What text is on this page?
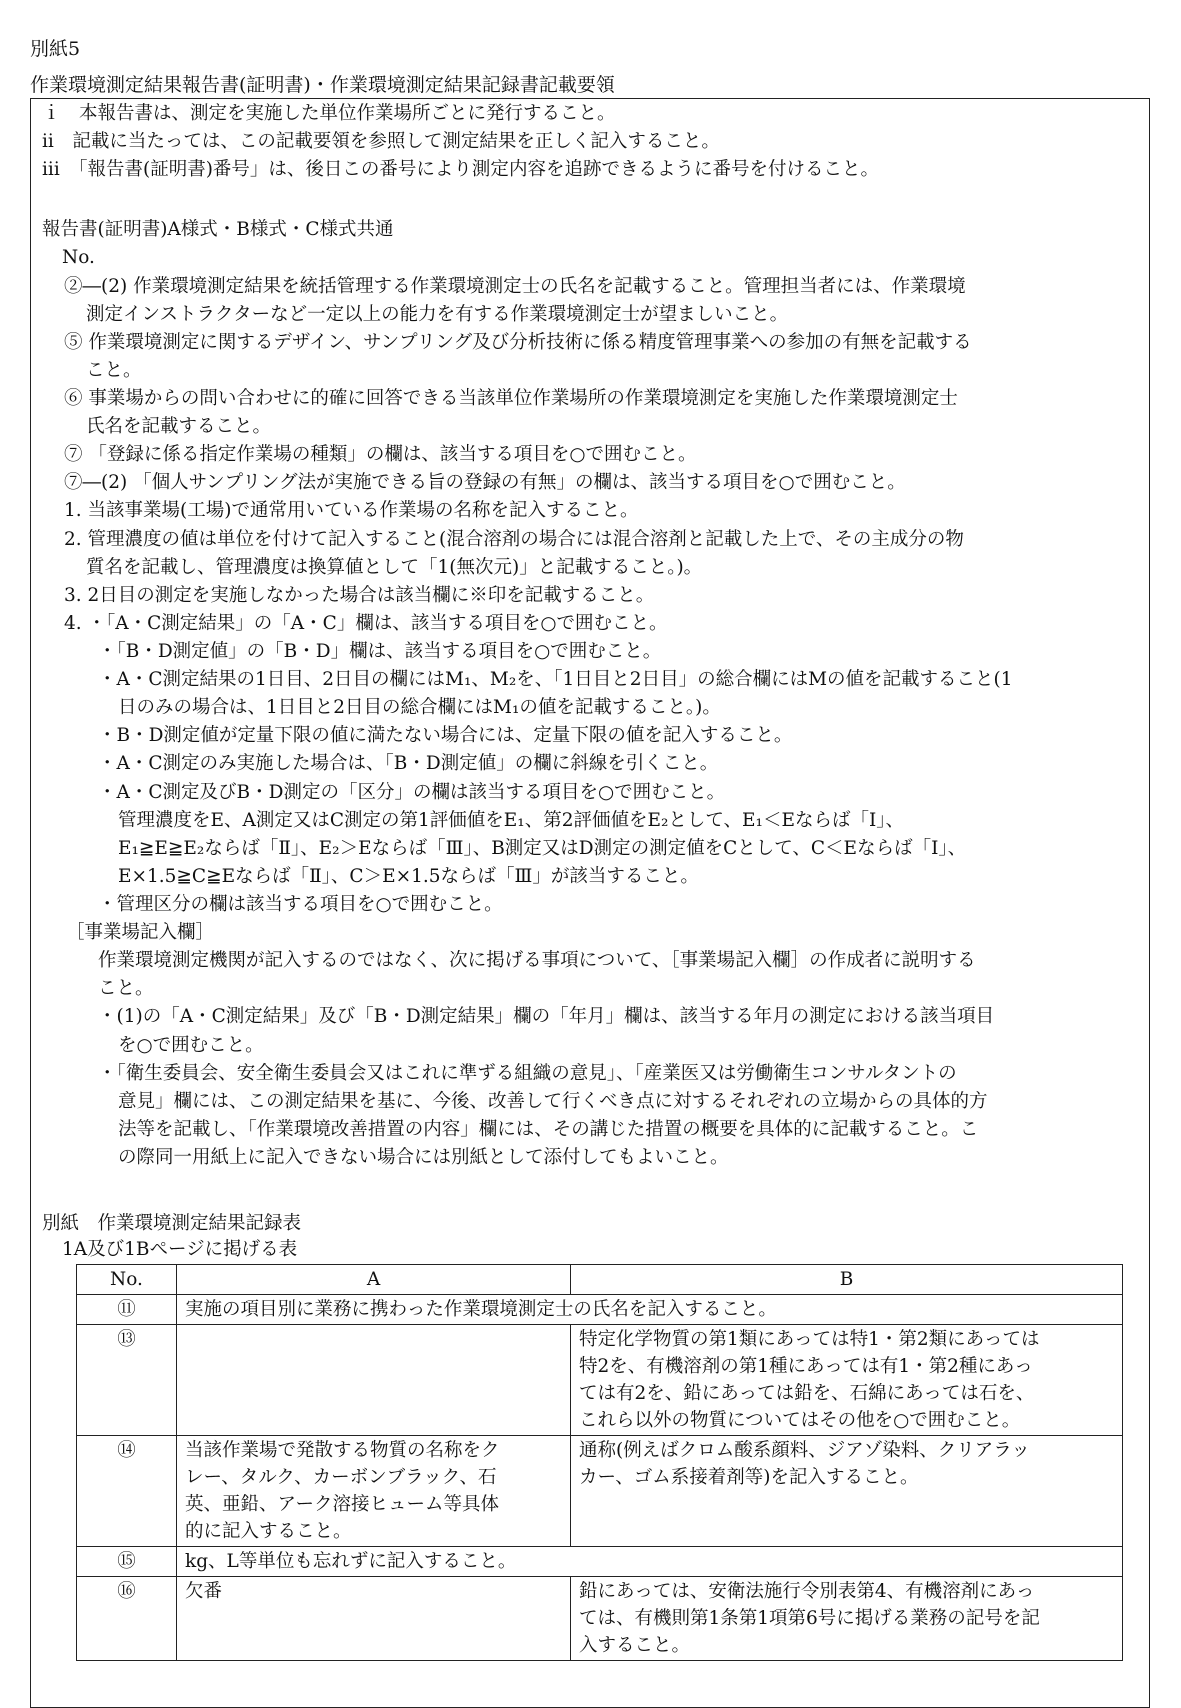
別紙5
作業環境測定結果報告書(証明書)・作業環境測定結果記録書記載要領
ｉ　本報告書は、測定を実施した単位作業場所ごとに発行すること。
ii　記載に当たっては、この記載要領を参照して測定結果を正しく記入すること。
iii　「報告書(証明書)番号」は、後日この番号により測定内容を追跡できるように番号を付けること。
報告書(証明書)A様式・B様式・C様式共通
No.
②―(2) 作業環境測定結果を統括管理する作業環境測定士の氏名を記載すること。管理担当者には、作業環境
測定インストラクターなど一定以上の能力を有する作業環境測定士が望ましいこと。
⑤ 作業環境測定に関するデザイン、サンプリング及び分析技術に係る精度管理事業への参加の有無を記載する
こと。
⑥ 事業場からの問い合わせに的確に回答できる当該単位作業場所の作業環境測定を実施した作業環境測定士
氏名を記載すること。
⑦ 「登録に係る指定作業場の種類」の欄は、該当する項目を○で囲むこと。
⑦―(2) 「個人サンプリング法が実施できる旨の登録の有無」の欄は、該当する項目を○で囲むこと。
1. 当該事業場(工場)で通常用いている作業場の名称を記入すること。
2. 管理濃度の値は単位を付けて記入すること(混合溶剤の場合には混合溶剤と記載した上で、その主成分の物
質名を記載し、管理濃度は換算値として「1(無次元)」と記載すること。)。
3. 2日目の測定を実施しなかった場合は該当欄に※印を記載すること。
4. ・「A・C測定結果」の「A・C」欄は、該当する項目を○で囲むこと。
・「B・D測定値」の「B・D」欄は、該当する項目を○で囲むこと。
・A・C測定結果の1日目、2日目の欄にはM₁、M₂を、「1日目と2日目」の総合欄にはMの値を記載すること(1
日のみの場合は、1日目と2日目の総合欄にはM₁の値を記載すること。)。
・B・D測定値が定量下限の値に満たない場合には、定量下限の値を記入すること。
・A・C測定のみ実施した場合は、「B・D測定値」の欄に斜線を引くこと。
・A・C測定及びB・D測定の「区分」の欄は該当する項目を○で囲むこと。
管理濃度をE、A測定又はC測定の第1評価値をE₁、第2評価値をE₂として、E₁＜Eならば「Ⅰ」、
E₁≧E≧E₂ならば「Ⅱ」、E₂＞Eならば「Ⅲ」、B測定又はD測定の測定値をCとして、C＜Eならば「Ⅰ」、
E×1.5≧C≧Eならば「Ⅱ」、C＞E×1.5ならば「Ⅲ」が該当すること。
・管理区分の欄は該当する項目を○で囲むこと。
［事業場記入欄］
作業環境測定機関が記入するのではなく、次に掲げる事項について、［事業場記入欄］の作成者に説明する
こと。
・(1)の「A・C測定結果」及び「B・D測定結果」欄の「年月」欄は、該当する年月の測定における該当項目
を○で囲むこと。
・「衛生委員会、安全衛生委員会又はこれに準ずる組織の意見」、「産業医又は労働衛生コンサルタントの
意見」欄には、この測定結果を基に、今後、改善して行くべき点に対するそれぞれの立場からの具体的方
法等を記載し、「作業環境改善措置の内容」欄には、その講じた措置の概要を具体的に記載すること。こ
の際同一用紙上に記入できない場合には別紙として添付してもよいこと。
別紙　作業環境測定結果記録表
1A及び1Bページに掲げる表
No.	A	B
⑪	実施の項目別に業務に携わった作業環境測定士の氏名を記入すること。	
⑬		特定化学物質の第1類にあっては特1・第2類にあっては
特2を、有機溶剤の第1種にあっては有1・第2種にあっ
ては有2を、鉛にあっては鉛を、石綿にあっては石を、
これら以外の物質についてはその他を○で囲むこと。

⑭	当該作業場で発散する物質の名称をク
レー、タルク、カーボンブラック、石
英、亜鉛、アーク溶接ヒューム等具体
的に記入すること。	通称(例えばクロム酸系顔料、ジアゾ染料、クリアラッ
カー、ゴム系接着剤等)を記入すること。

⑮	kg、L等単位も忘れずに記入すること。	
⑯	欠番	鉛にあっては、安衛法施行令別表第4、有機溶剤にあっ
ては、有機則第1条第1項第6号に掲げる業務の記号を記
入すること。
